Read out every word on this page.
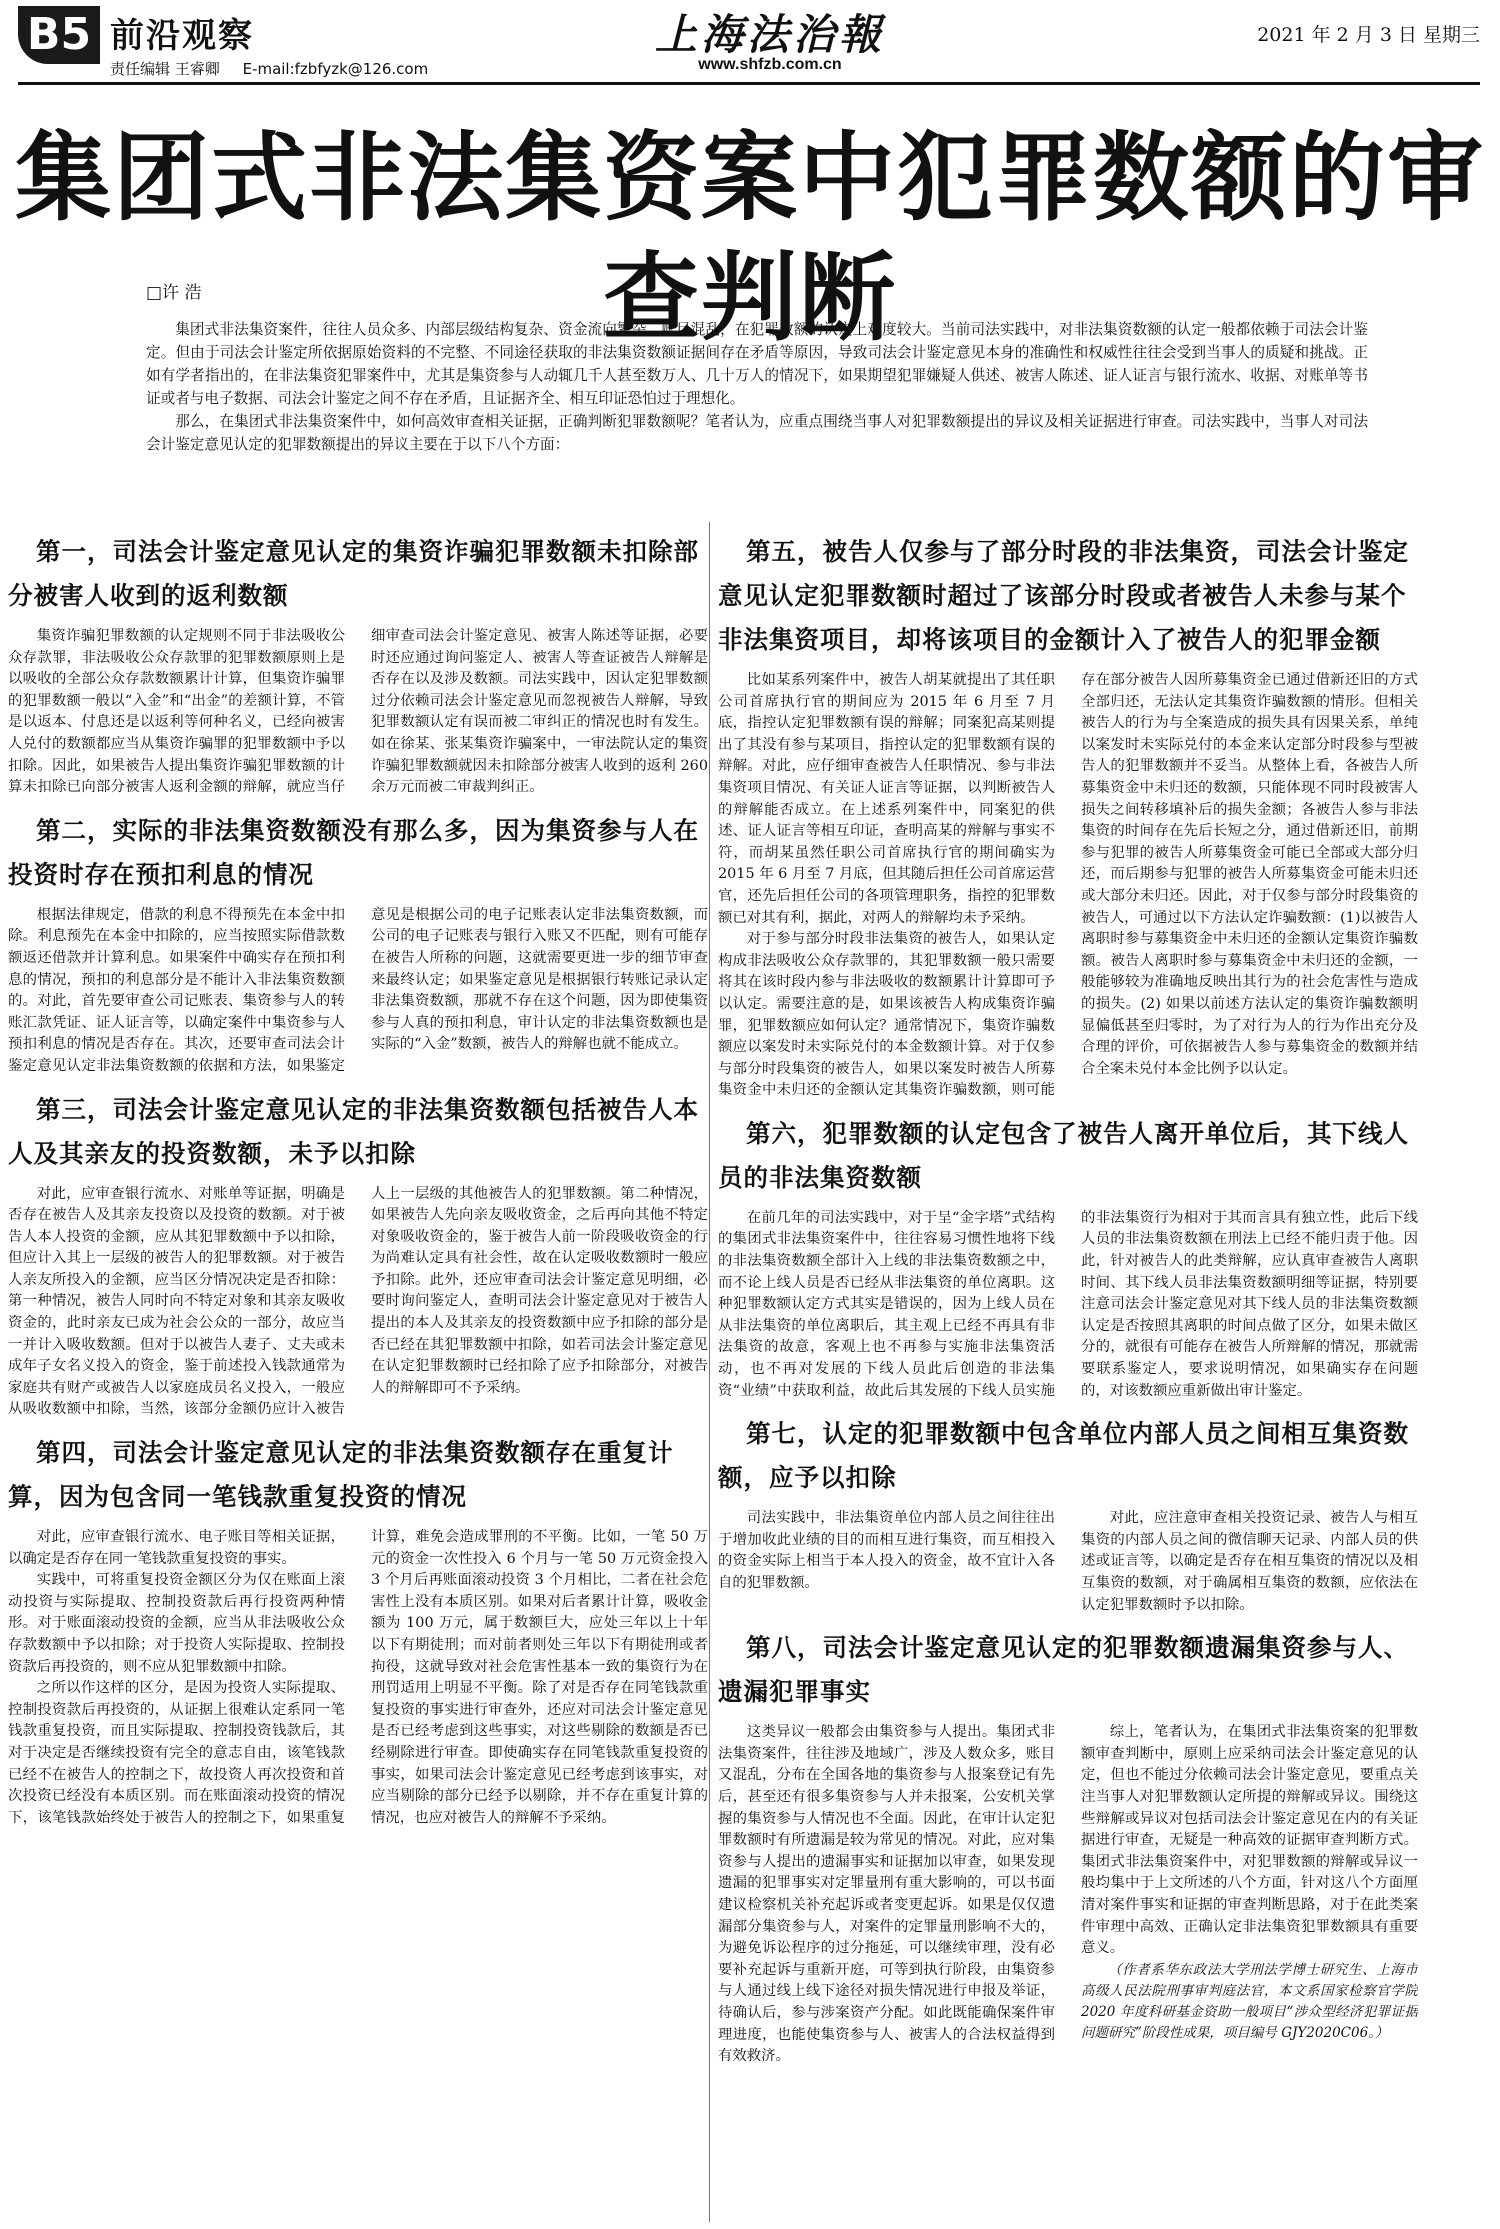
B5 前沿观察
责任编辑 王睿卿 E-mail:fzbfyzk@126.com
上海法治報
www.shfzb.com.cn
2021 年 2 月 3 日 星期三
集团式非法集资案中犯罪数额的审查判断
□许 浩

集团式非法集资案件，往往人员众多、内部层级结构复杂、资金流向繁杂、账目混乱，在犯罪数额的认定上难度较大。当前司法实践中，对非法集资数额的认定一般都依赖于司法会计鉴定。但由于司法会计鉴定所依据原始资料的不完整、不同途径获取的非法集资数额证据间存在矛盾等原因，导致司法会计鉴定意见本身的准确性和权威性往往会受到当事人的质疑和挑战。正如有学者指出的，在非法集资犯罪案件中，尤其是集资参与人动辄几千人甚至数万人、几十万人的情况下，如果期望犯罪嫌疑人供述、被害人陈述、证人证言与银行流水、收据、对账单等书证或者与电子数据、司法会计鉴定之间不存在矛盾，且证据齐全、相互印证恐怕过于理想化。

那么，在集团式非法集资案件中，如何高效审查相关证据，正确判断犯罪数额呢？笔者认为，应重点围绕当事人对犯罪数额提出的异议及相关证据进行审查。司法实践中，当事人对司法会计鉴定意见认定的犯罪数额提出的异议主要在于以下八个方面：

第一，司法会计鉴定意见认定的集资诈骗犯罪数额未扣除部分被害人收到的返利数额

集资诈骗犯罪数额的认定规则不同于非法吸收公众存款罪，非法吸收公众存款罪的犯罪数额原则上是以吸收的全部公众存款数额累计计算，但集资诈骗罪的犯罪数额一般以“入金”和“出金”的差额计算，不管是以返本、付息还是以返利等何种名义，已经向被害人兑付的数额都应当从集资诈骗罪的犯罪数额中予以扣除。因此，如果被告人提出集资诈骗犯罪数额的计算未扣除已向部分被害人返利金额的辩解，就应当仔细审查司法会计鉴定意见、被害人陈述等证据，必要时还应通过询问鉴定人、被害人等查证被告人辩解是否存在以及涉及数额。司法实践中，因认定犯罪数额过分依赖司法会计鉴定意见而忽视被告人辩解，导致犯罪数额认定有误而被二审纠正的情况也时有发生。如在徐某、张某集资诈骗案中，一审法院认定的集资诈骗犯罪数额就因未扣除部分被害人收到的返利 260 余万元而被二审裁判纠正。

第二，实际的非法集资数额没有那么多，因为集资参与人在投资时存在预扣利息的情况

根据法律规定，借款的利息不得预先在本金中扣除。利息预先在本金中扣除的，应当按照实际借款数额返还借款并计算利息。如果案件中确实存在预扣利息的情况，预扣的利息部分是不能计入非法集资数额的。对此，首先要审查公司记账表、集资参与人的转账汇款凭证、证人证言等，以确定案件中集资参与人预扣利息的情况是否存在。其次，还要审查司法会计鉴定意见认定非法集资数额的依据和方法，如果鉴定意见是根据公司的电子记账表认定非法集资数额，而公司的电子记账表与银行入账又不匹配，则有可能存在被告人所称的问题，这就需要更进一步的细节审查来最终认定；如果鉴定意见是根据银行转账记录认定非法集资数额，那就不存在这个问题，因为即使集资参与人真的预扣利息，审计认定的非法集资数额也是实际的“入金”数额，被告人的辩解也就不能成立。

第三，司法会计鉴定意见认定的非法集资数额包括被告人本人及其亲友的投资数额，未予以扣除

对此，应审查银行流水、对账单等证据，明确是否存在被告人及其亲友投资以及投资的数额。对于被告人本人投资的金额，应从其犯罪数额中予以扣除，但应计入其上一层级的被告人的犯罪数额。对于被告人亲友所投入的金额，应当区分情况决定是否扣除：第一种情况，被告人同时向不特定对象和其亲友吸收资金的，此时亲友已成为社会公众的一部分，故应当一并计入吸收数额。但对于以被告人妻子、丈夫或未成年子女名义投入的资金，鉴于前述投入钱款通常为家庭共有财产或被告人以家庭成员名义投入，一般应从吸收数额中扣除，当然，该部分金额仍应计入被告人上一层级的其他被告人的犯罪数额。第二种情况，如果被告人先向亲友吸收资金，之后再向其他不特定对象吸收资金的，鉴于被告人前一阶段吸收资金的行为尚难认定具有社会性，故在认定吸收数额时一般应予扣除。此外，还应审查司法会计鉴定意见明细，必要时询问鉴定人，查明司法会计鉴定意见对于被告人提出的本人及其亲友的投资数额中应予扣除的部分是否已经在其犯罪数额中扣除，如若司法会计鉴定意见在认定犯罪数额时已经扣除了应予扣除部分，对被告人的辩解即可不予采纳。

第四，司法会计鉴定意见认定的非法集资数额存在重复计算，因为包含同一笔钱款重复投资的情况

对此，应审查银行流水、电子账目等相关证据，以确定是否存在同一笔钱款重复投资的事实。

实践中，可将重复投资金额区分为仅在账面上滚动投资与实际提取、控制投资款后再行投资两种情形。对于账面滚动投资的金额，应当从非法吸收公众存款数额中予以扣除；对于投资人实际提取、控制投资款后再投资的，则不应从犯罪数额中扣除。

之所以作这样的区分，是因为投资人实际提取、控制投资款后再投资的，从证据上很难认定系同一笔钱款重复投资，而且实际提取、控制投资钱款后，其对于决定是否继续投资有完全的意志自由，该笔钱款已经不在被告人的控制之下，故投资人再次投资和首次投资已经没有本质区别。而在账面滚动投资的情况下，该笔钱款始终处于被告人的控制之下，如果重复计算，难免会造成罪刑的不平衡。比如，一笔 50 万元的资金一次性投入 6 个月与一笔 50 万元资金投入 3 个月后再账面滚动投资 3 个月相比，二者在社会危害性上没有本质区别。如果对后者累计计算，吸收金额为 100 万元，属于数额巨大，应处三年以上十年以下有期徒刑；而对前者则处三年以下有期徒刑或者拘役，这就导致对社会危害性基本一致的集资行为在刑罚适用上明显不平衡。除了对是否存在同笔钱款重复投资的事实进行审查外，还应对司法会计鉴定意见是否已经考虑到这些事实，对这些剔除的数额是否已经剔除进行审查。即使确实存在同笔钱款重复投资的事实，如果司法会计鉴定意见已经考虑到该事实，对应当剔除的部分已经予以剔除，并不存在重复计算的情况，也应对被告人的辩解不予采纳。

第五，被告人仅参与了部分时段的非法集资，司法会计鉴定意见认定犯罪数额时超过了该部分时段或者被告人未参与某个非法集资项目，却将该项目的金额计入了被告人的犯罪金额

比如某系列案件中，被告人胡某就提出了其任职公司首席执行官的期间应为 2015 年 6 月至 7 月底，指控认定犯罪数额有误的辩解；同案犯高某则提出了其没有参与某项目，指控认定的犯罪数额有误的辩解。对此，应仔细审查被告人任职情况、参与非法集资项目情况、有关证人证言等证据，以判断被告人的辩解能否成立。在上述系列案件中，同案犯的供述、证人证言等相互印证，查明高某的辩解与事实不符，而胡某虽然任职公司首席执行官的期间确实为 2015 年 6 月至 7 月底，但其随后担任公司首席运营官，还先后担任公司的各项管理职务，指控的犯罪数额已对其有利，据此，对两人的辩解均未予采纳。

对于参与部分时段非法集资的被告人，如果认定构成非法吸收公众存款罪的，其犯罪数额一般只需要将其在该时段内参与非法吸收的数额累计计算即可予以认定。需要注意的是，如果该被告人构成集资诈骗罪，犯罪数额应如何认定？通常情况下，集资诈骗数额应以案发时未实际兑付的本金数额计算。对于仅参与部分时段集资的被告人，如果以案发时被告人所募集资金中未归还的金额认定其集资诈骗数额，则可能存在部分被告人因所募集资金已通过借新还旧的方式全部归还，无法认定其集资诈骗数额的情形。但相关被告人的行为与全案造成的损失具有因果关系，单纯以案发时未实际兑付的本金来认定部分时段参与型被告人的犯罪数额并不妥当。从整体上看，各被告人所募集资金中未归还的数额，只能体现不同时段被害人损失之间转移填补后的损失金额；各被告人参与非法集资的时间存在先后长短之分，通过借新还旧，前期参与犯罪的被告人所募集资金可能已全部或大部分归还，而后期参与犯罪的被告人所募集资金可能未归还或大部分未归还。因此，对于仅参与部分时段集资的被告人，可通过以下方法认定诈骗数额：(1)以被告人离职时参与募集资金中未归还的金额认定集资诈骗数额。被告人离职时参与募集资金中未归还的金额，一般能够较为准确地反映出其行为的社会危害性与造成的损失。(2) 如果以前述方法认定的集资诈骗数额明显偏低甚至归零时，为了对行为人的行为作出充分及合理的评价，可依据被告人参与募集资金的数额并结合全案未兑付本金比例予以认定。

第六，犯罪数额的认定包含了被告人离开单位后，其下线人员的非法集资数额

在前几年的司法实践中，对于呈“金字塔”式结构的集团式非法集资案件中，往往容易习惯性地将下线的非法集资数额全部计入上线的非法集资数额之中，而不论上线人员是否已经从非法集资的单位离职。这种犯罪数额认定方式其实是错误的，因为上线人员在从非法集资的单位离职后，其主观上已经不再具有非法集资的故意，客观上也不再参与实施非法集资活动，也不再对发展的下线人员此后创造的非法集资“业绩”中获取利益，故此后其发展的下线人员实施的非法集资行为相对于其而言具有独立性，此后下线人员的非法集资数额在刑法上已经不能归责于他。因此，针对被告人的此类辩解，应认真审查被告人离职时间、其下线人员非法集资数额明细等证据，特别要注意司法会计鉴定意见对其下线人员的非法集资数额认定是否按照其离职的时间点做了区分，如果未做区分的，就很有可能存在被告人所辩解的情况，那就需要联系鉴定人，要求说明情况，如果确实存在问题的，对该数额应重新做出审计鉴定。

第七，认定的犯罪数额中包含单位内部人员之间相互集资数额，应予以扣除

司法实践中，非法集资单位内部人员之间往往出于增加收此业绩的目的而相互进行集资，而互相投入的资金实际上相当于本人投入的资金，故不宜计入各自的犯罪数额。

对此，应注意审查相关投资记录、被告人与相互集资的内部人员之间的微信聊天记录、内部人员的供述或证言等，以确定是否存在相互集资的情况以及相互集资的数额，对于确属相互集资的数额，应依法在认定犯罪数额时予以扣除。

第八，司法会计鉴定意见认定的犯罪数额遗漏集资参与人、遗漏犯罪事实

这类异议一般都会由集资参与人提出。集团式非法集资案件，往往涉及地域广，涉及人数众多，账目又混乱，分布在全国各地的集资参与人报案登记有先后，甚至还有很多集资参与人并未报案，公安机关掌握的集资参与人情况也不全面。因此，在审计认定犯罪数额时有所遗漏是较为常见的情况。对此，应对集资参与人提出的遗漏事实和证据加以审查，如果发现遗漏的犯罪事实对定罪量刑有重大影响的，可以书面建议检察机关补充起诉或者变更起诉。如果是仅仅遗漏部分集资参与人，对案件的定罪量刑影响不大的，为避免诉讼程序的过分拖延，可以继续审理，没有必要补充起诉与重新开庭，可等到执行阶段，由集资参与人通过线上线下途径对损失情况进行申报及举证，待确认后，参与涉案资产分配。如此既能确保案件审理进度，也能使集资参与人、被害人的合法权益得到有效救济。

综上，笔者认为，在集团式非法集资案的犯罪数额审查判断中，原则上应采纳司法会计鉴定意见的认定，但也不能过分依赖司法会计鉴定意见，要重点关注当事人对犯罪数额认定所提的辩解或异议。围绕这些辩解或异议对包括司法会计鉴定意见在内的有关证据进行审查，无疑是一种高效的证据审查判断方式。集团式非法集资案件中，对犯罪数额的辩解或异议一般均集中于上文所述的八个方面，针对这八个方面厘清对案件事实和证据的审查判断思路，对于在此类案件审理中高效、正确认定非法集资犯罪数额具有重要意义。

（作者系华东政法大学刑法学博士研究生、上海市高级人民法院刑事审判庭法官，本文系国家检察官学院 2020 年度科研基金资助一般项目“涉众型经济犯罪证据问题研究”阶段性成果，项目编号 GJY2020C06。）
